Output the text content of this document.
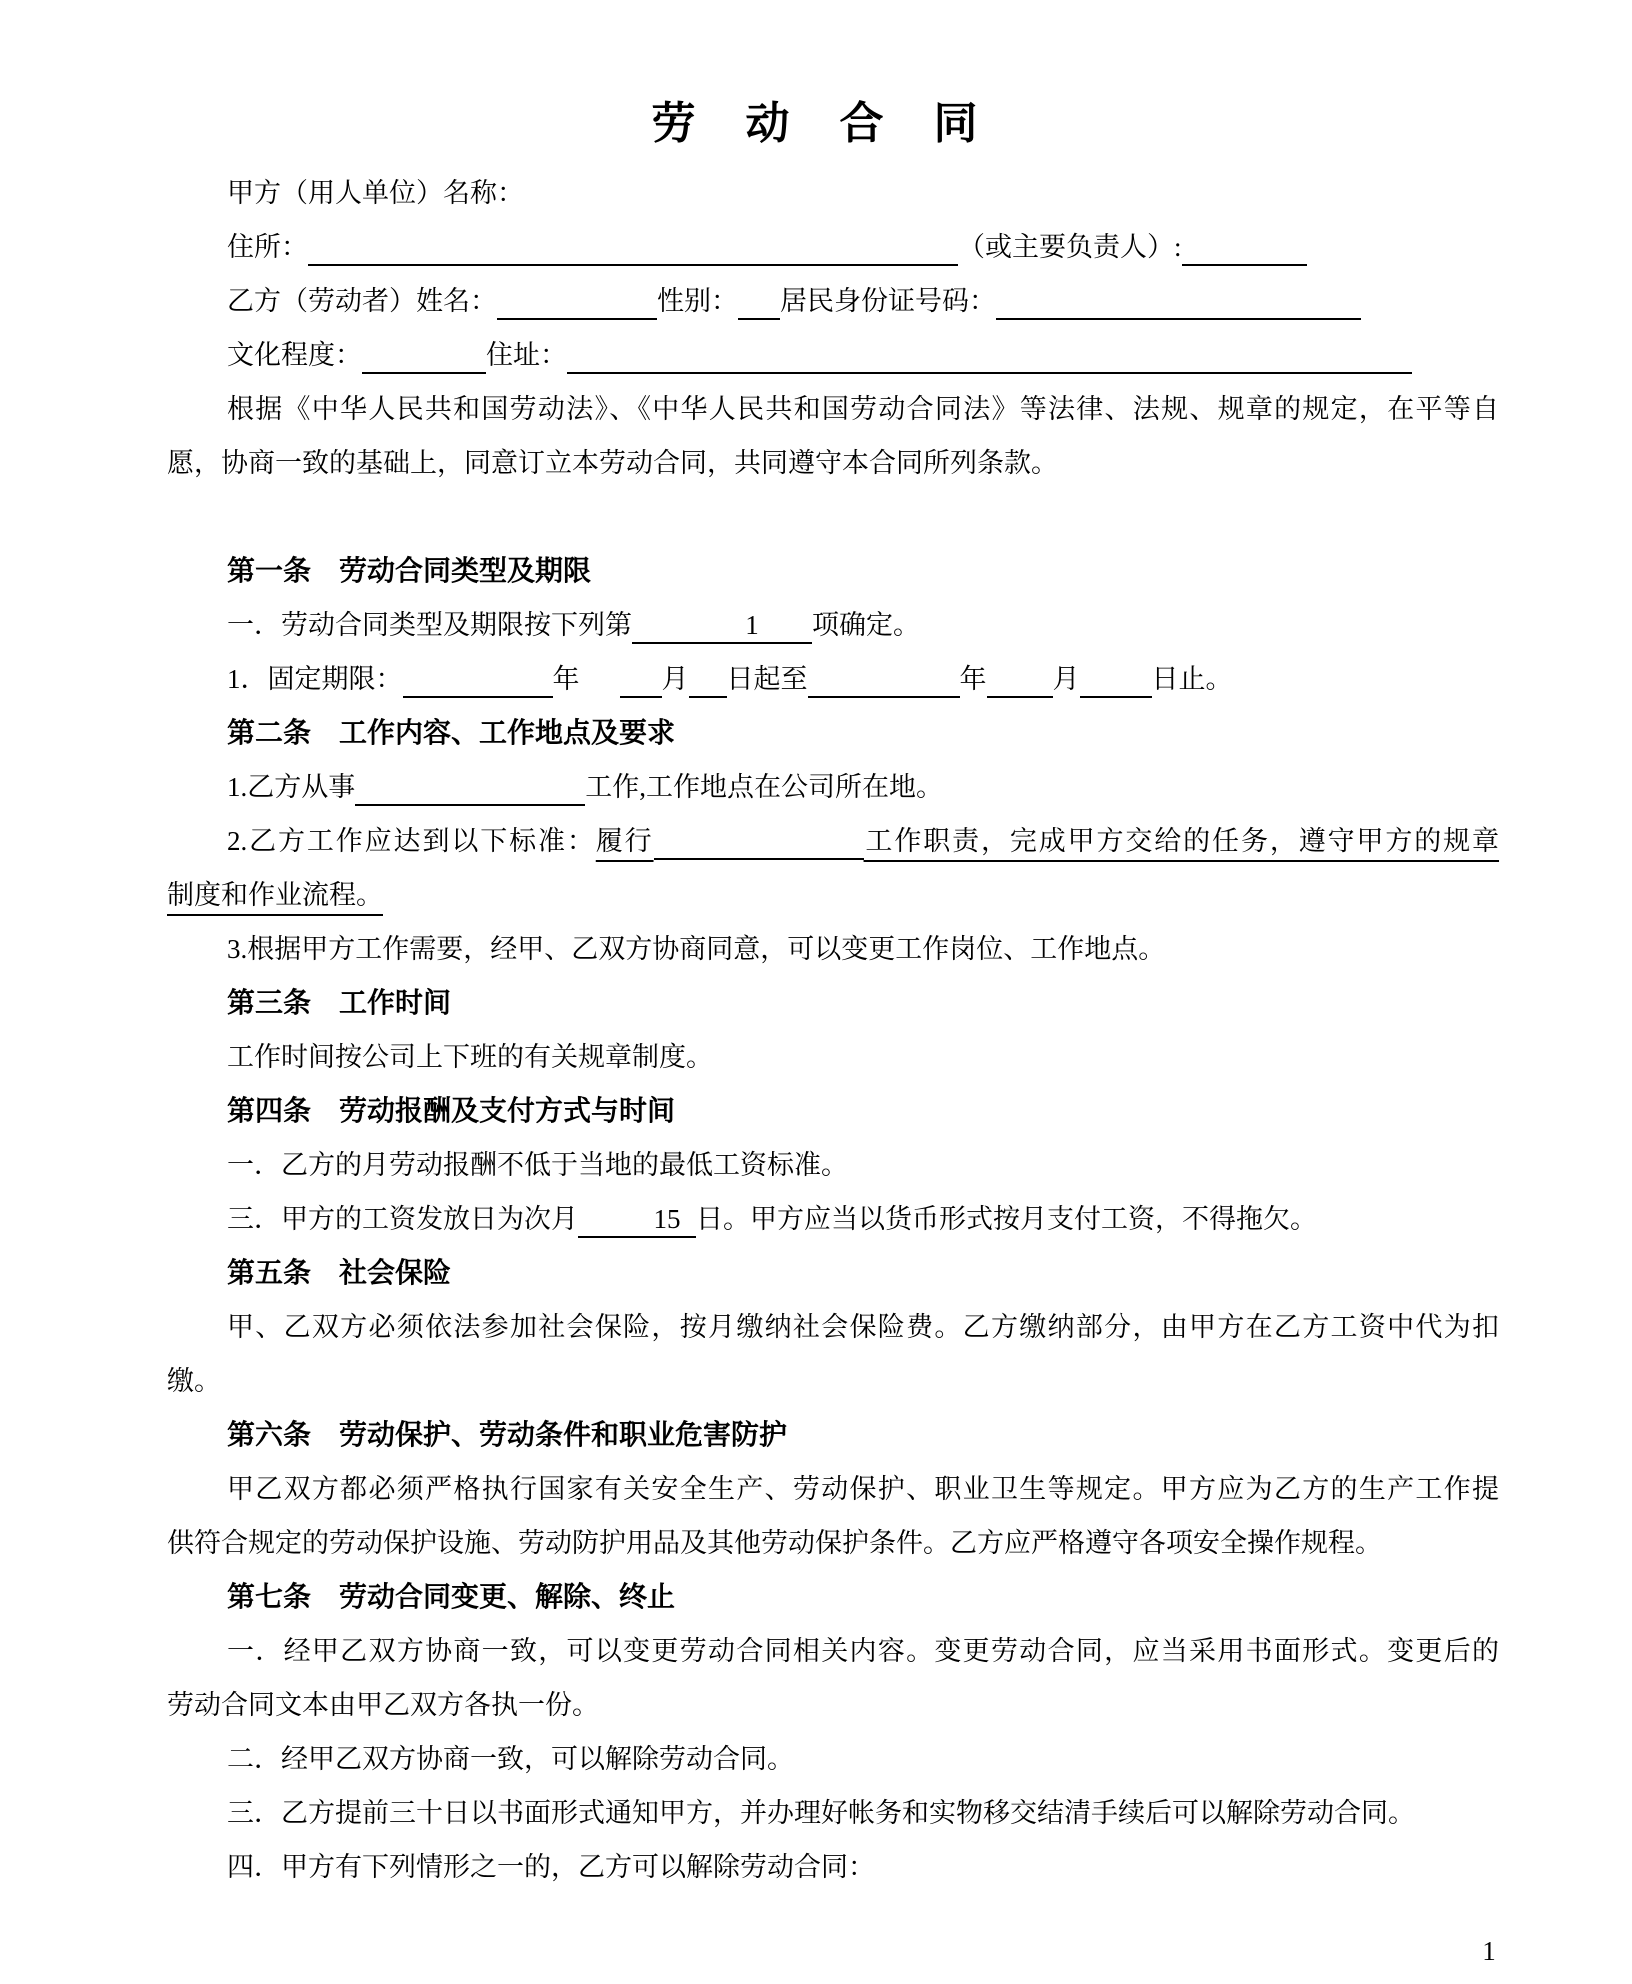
劳　动　合　同
甲方（用人单位）名称：
住所：	（或主要负责人）:
乙方（劳动者）姓名：	性别： 居民身份证号码：
文化程度：	住址：
根据《中华人民共和国劳动法》、《中华人民共和国劳动合同法》等法律、法规、规章的规定，在平等自
愿，协商一致的基础上，同意订立本劳动合同，共同遵守本合同所列条款。
第一条　劳动合同类型及期限
一．劳动合同类型及期限按下列第	1 项确定。
1．固定期限：	年	月 日起至	年 月	日止。
第二条　工作内容、工作地点及要求
1.乙方从事	工作,工作地点在公司所在地。
2.乙方工作应达到以下标准：履行	工作职责，完成甲方交给的任务，遵守甲方的规章
制度和作业流程。
3.根据甲方工作需要，经甲、乙双方协商同意，可以变更工作岗位、工作地点。
第三条　工作时间
工作时间按公司上下班的有关规章制度。
第四条　劳动报酬及支付方式与时间
一．乙方的月劳动报酬不低于当地的最低工资标准。
三．甲方的工资发放日为次月	15 日。甲方应当以货币形式按月支付工资，不得拖欠。
第五条　社会保险
甲、乙双方必须依法参加社会保险，按月缴纳社会保险费。乙方缴纳部分，由甲方在乙方工资中代为扣
缴。
第六条　劳动保护、劳动条件和职业危害防护
甲乙双方都必须严格执行国家有关安全生产、劳动保护、职业卫生等规定。甲方应为乙方的生产工作提
供符合规定的劳动保护设施、劳动防护用品及其他劳动保护条件。乙方应严格遵守各项安全操作规程。
第七条　劳动合同变更、解除、终止
一．经甲乙双方协商一致，可以变更劳动合同相关内容。变更劳动合同，应当采用书面形式。变更后的
劳动合同文本由甲乙双方各执一份。
二．经甲乙双方协商一致，可以解除劳动合同。
三．乙方提前三十日以书面形式通知甲方，并办理好帐务和实物移交结清手续后可以解除劳动合同。
四．甲方有下列情形之一的，乙方可以解除劳动合同：
1
